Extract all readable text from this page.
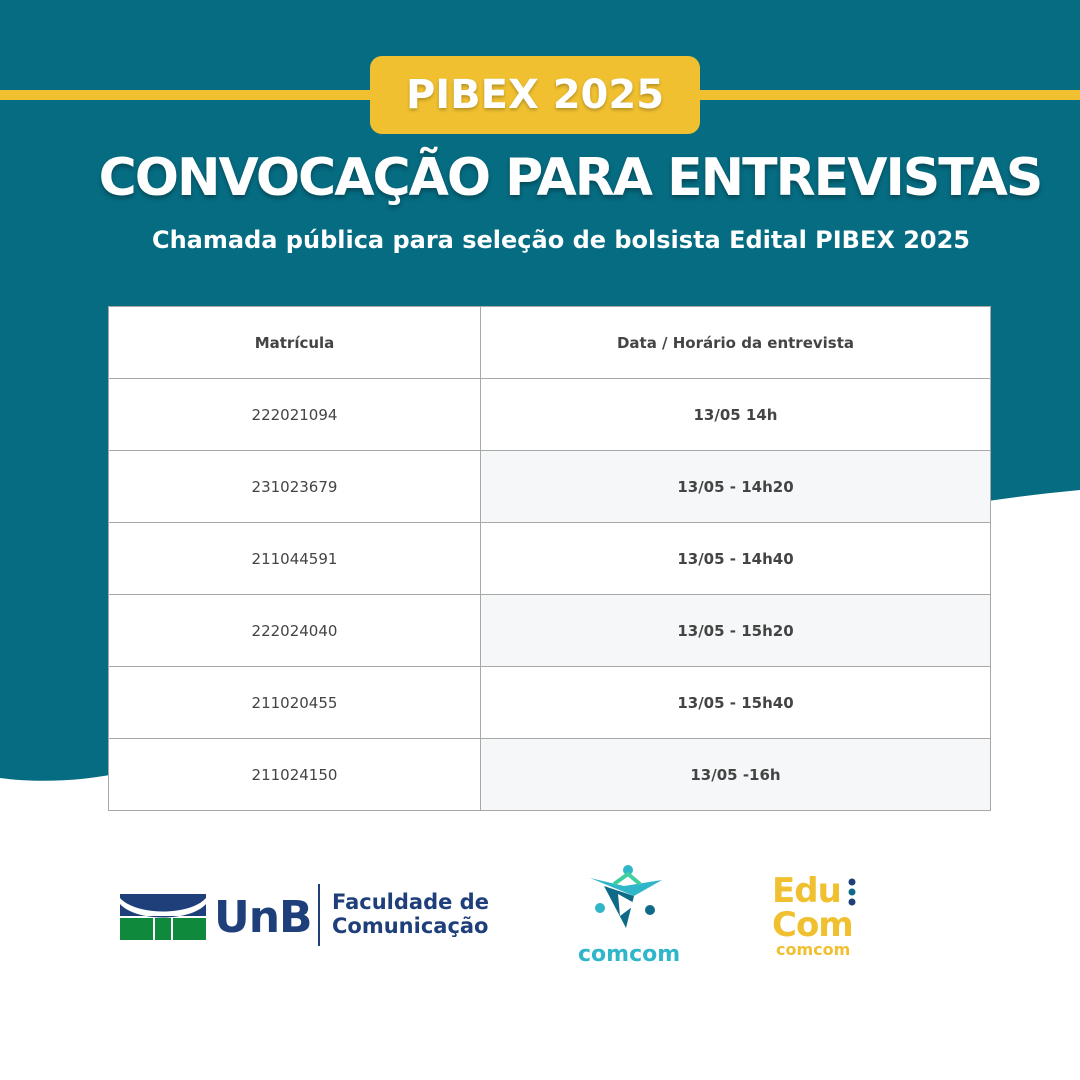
PIBEX 2025
CONVOCAÇÃO PARA ENTREVISTAS
Chamada pública para seleção de bolsista Edital PIBEX 2025
Matrícula	Data / Horário da entrevista
222021094	13/05 14h
231023679	13/05 - 14h20
211044591	13/05 - 14h40
222024040	13/05 - 15h20
211020455	13/05 - 15h40
211024150	13/05 -16h
UnB Faculdade de
Comunicação
comcom
Edu
Com
comcom
